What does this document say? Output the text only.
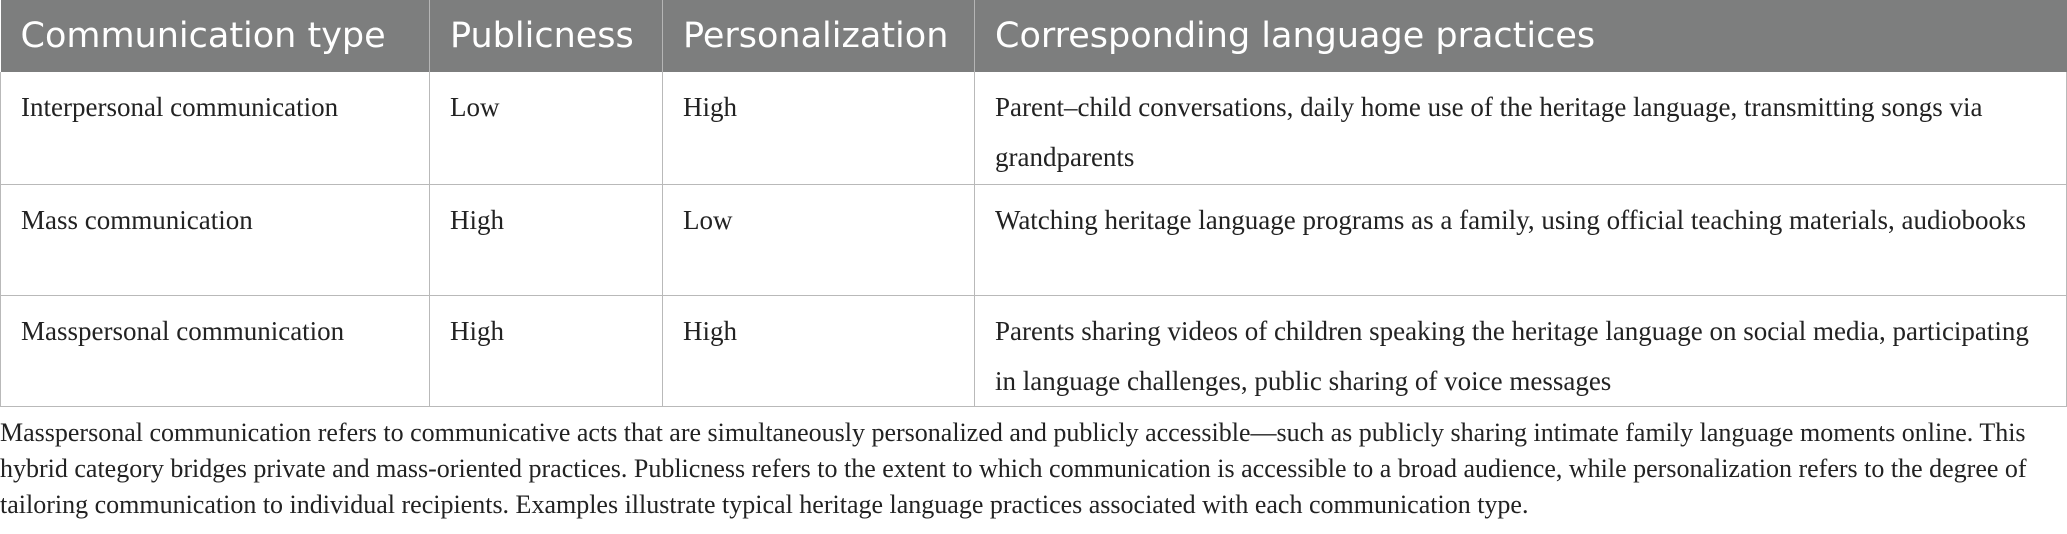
Communication type	Publicness	Personalization	Corresponding language practices
Interpersonal communication	Low	High	Parent–child conversations, daily home use of the heritage language, transmitting songs via grandparents
Mass communication	High	Low	Watching heritage language programs as a family, using official teaching materials, audiobooks
Masspersonal communication	High	High	Parents sharing videos of children speaking the heritage language on social media, participating in language challenges, public sharing of voice messages

Masspersonal communication refers to communicative acts that are simultaneously personalized and publicly accessible—such as publicly sharing intimate family language moments online. This hybrid category bridges private and mass-oriented practices. Publicness refers to the extent to which communication is accessible to a broad audience, while personalization refers to the degree of tailoring communication to individual recipients. Examples illustrate typical heritage language practices associated with each communication type.
